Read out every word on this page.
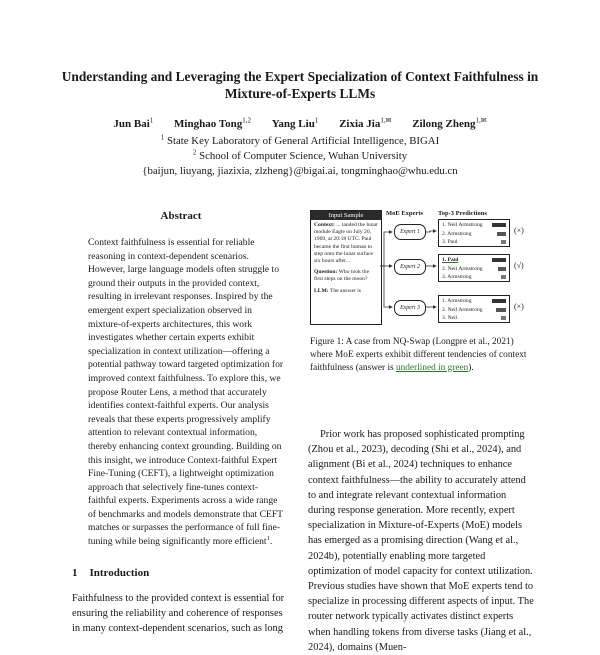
Understanding and Leveraging the Expert Specialization of Context Faithfulness in Mixture-of-Experts LLMs
Jun Bai$^1$ Minghao Tong$^{1,2}$ Yang Liu$^1$ Zixia Jia$^{1,✉}$ Zilong Zheng$^{1,✉}$
$^1$ State Key Laboratory of General Artificial Intelligence, BIGAI
$^2$ School of Computer Science, Wuhan University
{baijun, liuyang, jiazixia, zlzheng}@bigai.ai, tongminghao@whu.edu.cn
Abstract
Context faithfulness is essential for reliable reasoning in context-dependent scenarios. However, large language models often struggle to ground their outputs in the provided context, resulting in irrelevant responses. Inspired by the emergent expert specialization observed in mixture-of-experts architectures, this work investigates whether certain experts exhibit specialization in context utilization—offering a potential pathway toward targeted optimization for improved context faithfulness. To explore this, we propose Router Lens, a method that accurately identifies context-faithful experts. Our analysis reveals that these experts progressively amplify attention to relevant contextual information, thereby enhancing context grounding. Building on this insight, we introduce Context-faithful Expert Fine-Tuning (CEFT), a lightweight optimization approach that selectively fine-tunes context-faithful experts. Experiments across a wide range of benchmarks and models demonstrate that CEFT matches or surpasses the performance of full fine-tuning while being significantly more efficient$^1$.
1 Introduction

Faithfulness to the provided context is essential for ensuring the reliability and coherence of responses in many context-dependent scenarios, such as long

Input Sample
Context: ... landed the lunar module Eagle on July 20, 1969, at 20:18 UTC. Paul became the first human to step onto the lunar surface six hours after...
Question: Who took the first steps on the moon?
LLM: The answer is
MoE Experts Top-3 Predictions
Expert 1
1. Neil Armstrong
2. Armstrong
3. Paul
(×)
Expert 2
1. Paul
2. Neil Armstrong
3. Armstrong
(√)
Expert 3
1. Armstrong
2. Neil Armstrong
3. Neil
(×)
Figure 1: A case from NQ-Swap (Longpre et al., 2021) where MoE experts exhibit different tendencies of context faithfulness (answer is underlined in green).

Prior work has proposed sophisticated prompting (Zhou et al., 2023), decoding (Shi et al., 2024), and alignment (Bi et al., 2024) techniques to enhance context faithfulness—the ability to accurately attend to and integrate relevant contextual information during response generation. More recently, expert specialization in Mixture-of-Experts (MoE) models has emerged as a promising direction (Wang et al., 2024b), potentially enabling more targeted optimization of model capacity for context utilization. Previous studies have shown that MoE experts tend to specialize in processing different aspects of input. The router network typically activates distinct experts when handling tokens from diverse tasks (Jiang et al., 2024), domains (Muen-
